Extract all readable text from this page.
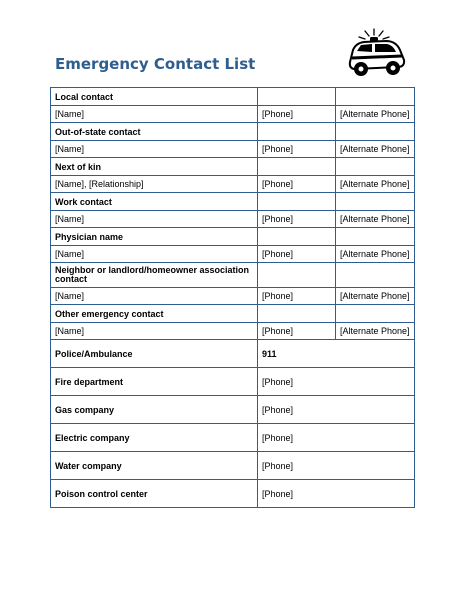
Emergency Contact List
Local contact		
[Name]	[Phone]	[Alternate Phone]
Out-of-state contact		
[Name]	[Phone]	[Alternate Phone]
Next of kin		
[Name], [Relationship]	[Phone]	[Alternate Phone]
Work contact		
[Name]	[Phone]	[Alternate Phone]
Physician name		
[Name]	[Phone]	[Alternate Phone]
Neighbor or landlord/homeowner association contact		
[Name]	[Phone]	[Alternate Phone]
Other emergency contact		
[Name]	[Phone]	[Alternate Phone]
Police/Ambulance	911	
Fire department	[Phone]	
Gas company	[Phone]	
Electric company	[Phone]	
Water company	[Phone]	
Poison control center	[Phone]	
